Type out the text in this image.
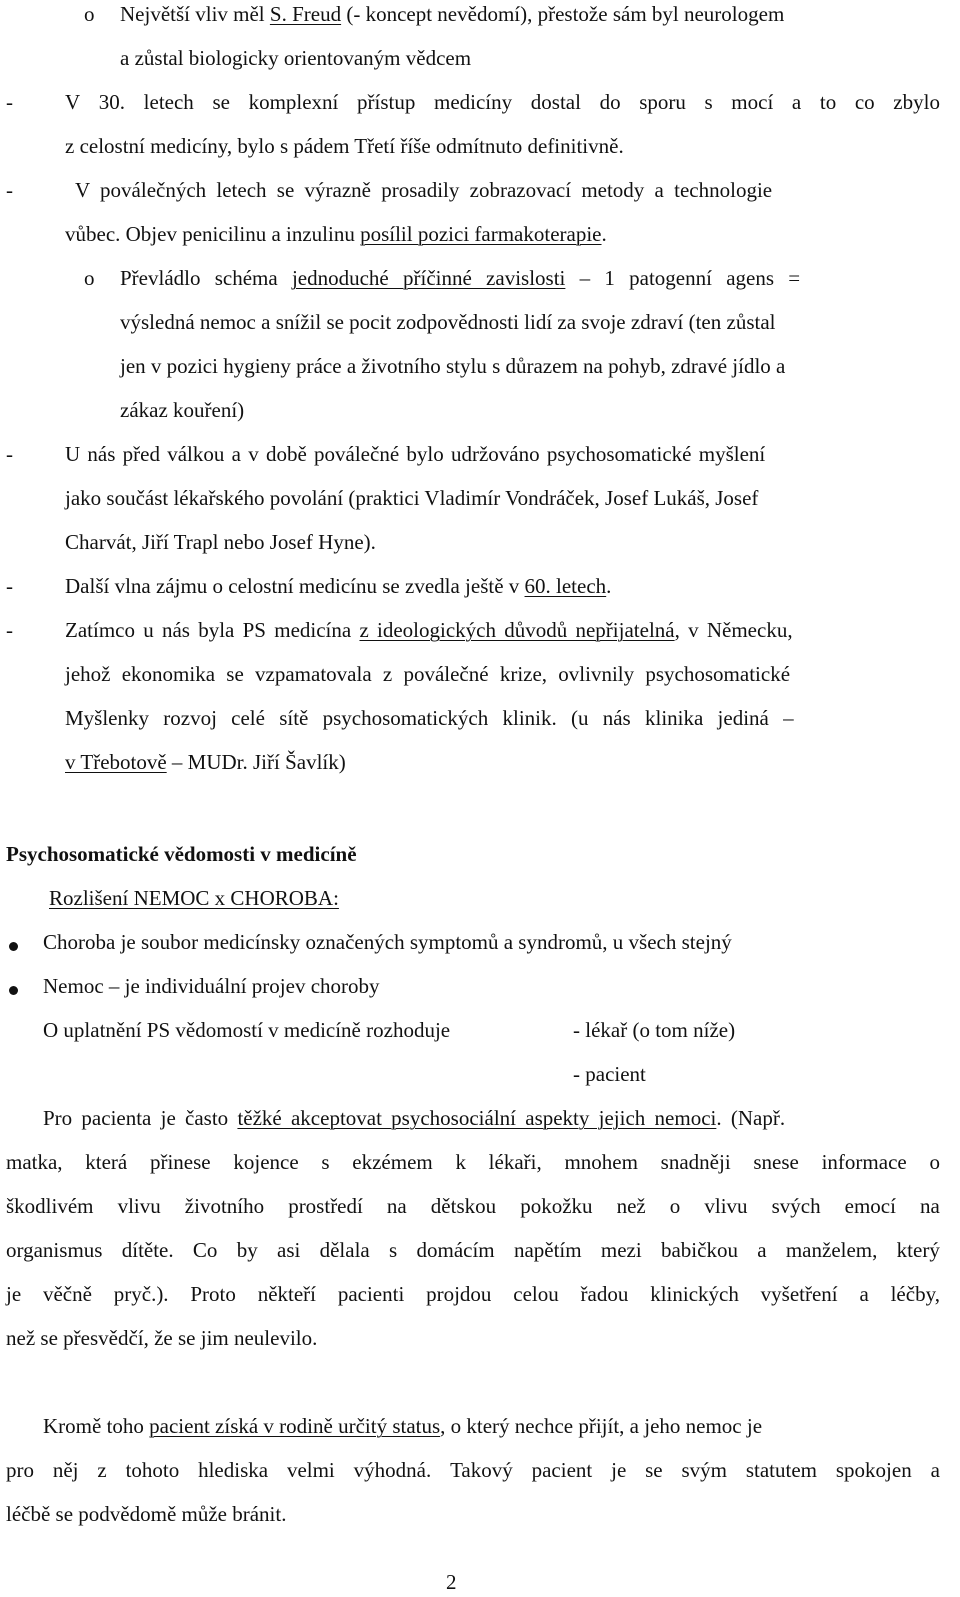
o Největší vliv měl S. Freud (- koncept nevědomí), přestože sám byl neurologem
a zůstal biologicky orientovaným vědcem
- V 30. letech se komplexní přístup medicíny dostal do sporu s mocí a to co zbylo
z celostní medicíny, bylo s pádem Třetí říše odmítnuto definitivně.
-	V poválečných letech se výrazně prosadily zobrazovací metody a technologie
vůbec. Objev penicilinu a inzulinu posílil pozici farmakoterapie.
o Převládlo schéma jednoduché příčinné zavislosti – 1 patogenní agens =
výsledná nemoc a snížil se pocit zodpovědnosti lidí za svoje zdraví (ten zůstal
jen v pozici hygieny práce a životního stylu s důrazem na pohyb, zdravé jídlo a
zákaz kouření)
- U nás před válkou a v době poválečné bylo udržováno psychosomatické myšlení
jako součást lékařského povolání (praktici Vladimír Vondráček, Josef Lukáš, Josef
Charvát, Jiří Trapl nebo Josef Hyne).
- Další vlna zájmu o celostní medicínu se zvedla ještě v 60. letech.
- Zatímco u nás byla PS medicína z ideologických důvodů nepřijatelná, v Německu,
jehož ekonomika se vzpamatovala z poválečné krize, ovlivnily psychosomatické
Myšlenky rozvoj celé sítě psychosomatických klinik. (u nás klinika jediná –
v Třebotově – MUDr. Jiří Šavlík)
Psychosomatické vědomosti v medicíně
Rozlišení NEMOC x CHOROBA:
Choroba je soubor medicínsky označených symptomů a syndromů, u všech stejný
Nemoc – je individuální projev choroby
O uplatnění PS vědomostí v medicíně rozhoduje	- lékař (o tom níže)
- pacient
Pro pacienta je často těžké akceptovat psychosociální aspekty jejich nemoci. (Např.
matka, která přinese kojence s ekzémem k lékaři, mnohem snadněji snese informace o
škodlivém vlivu životního prostředí na dětskou pokožku než o vlivu svých emocí na
organismus dítěte. Co by asi dělala s domácím napětím mezi babičkou a manželem, který
je věčně pryč.). Proto někteří pacienti projdou celou řadou klinických vyšetření a léčby,
než se přesvědčí, že se jim neulevilo.
Kromě toho pacient získá v rodině určitý status, o který nechce přijít, a jeho nemoc je
pro něj z tohoto hlediska velmi výhodná. Takový pacient je se svým statutem spokojen a
léčbě se podvědomě může bránit.
2
